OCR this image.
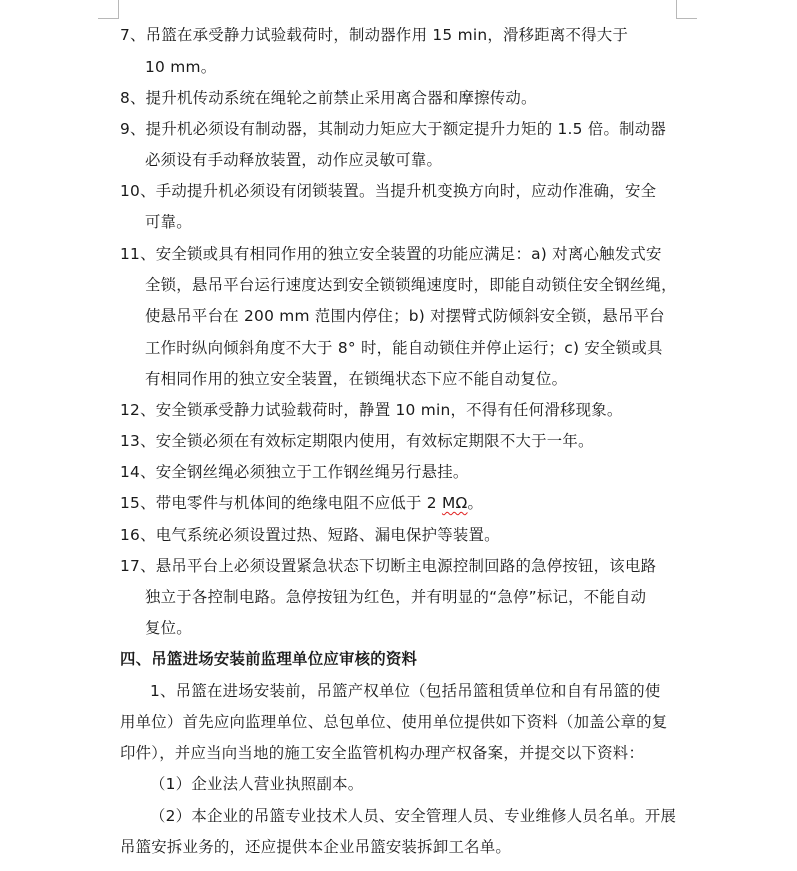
7、吊篮在承受静力试验载荷时，制动器作用 15 min，滑移距离不得大于
10 mm。
8、提升机传动系统在绳轮之前禁止采用离合器和摩擦传动。
9、提升机必须设有制动器，其制动力矩应大于额定提升力矩的 1.5 倍。制动器
必须设有手动释放装置，动作应灵敏可靠。
10、手动提升机必须设有闭锁装置。当提升机变换方向时，应动作准确，安全
可靠。
11、安全锁或具有相同作用的独立安全装置的功能应满足：a) 对离心触发式安
全锁，悬吊平台运行速度达到安全锁锁绳速度时，即能自动锁住安全钢丝绳，
使悬吊平台在 200 mm 范围内停住；b) 对摆臂式防倾斜安全锁，悬吊平台
工作时纵向倾斜角度不大于 8° 时，能自动锁住并停止运行；c) 安全锁或具
有相同作用的独立安全装置，在锁绳状态下应不能自动复位。
12、安全锁承受静力试验载荷时，静置 10 min，不得有任何滑移现象。
13、安全锁必须在有效标定期限内使用，有效标定期限不大于一年。
14、安全钢丝绳必须独立于工作钢丝绳另行悬挂。
15、带电零件与机体间的绝缘电阻不应低于 2 MΩ。
16、电气系统必须设置过热、短路、漏电保护等装置。
17、悬吊平台上必须设置紧急状态下切断主电源控制回路的急停按钮，该电路
独立于各控制电路。急停按钮为红色，并有明显的“急停”标记，不能自动
复位。
四、吊篮进场安装前监理单位应审核的资料
1、吊篮在进场安装前，吊篮产权单位（包括吊篮租赁单位和自有吊篮的使
用单位）首先应向监理单位、总包单位、使用单位提供如下资料（加盖公章的复
印件），并应当向当地的施工安全监管机构办理产权备案，并提交以下资料：
（1）企业法人营业执照副本。
（2）本企业的吊篮专业技术人员、安全管理人员、专业维修人员名单。开展
吊篮安拆业务的，还应提供本企业吊篮安装拆卸工名单。
